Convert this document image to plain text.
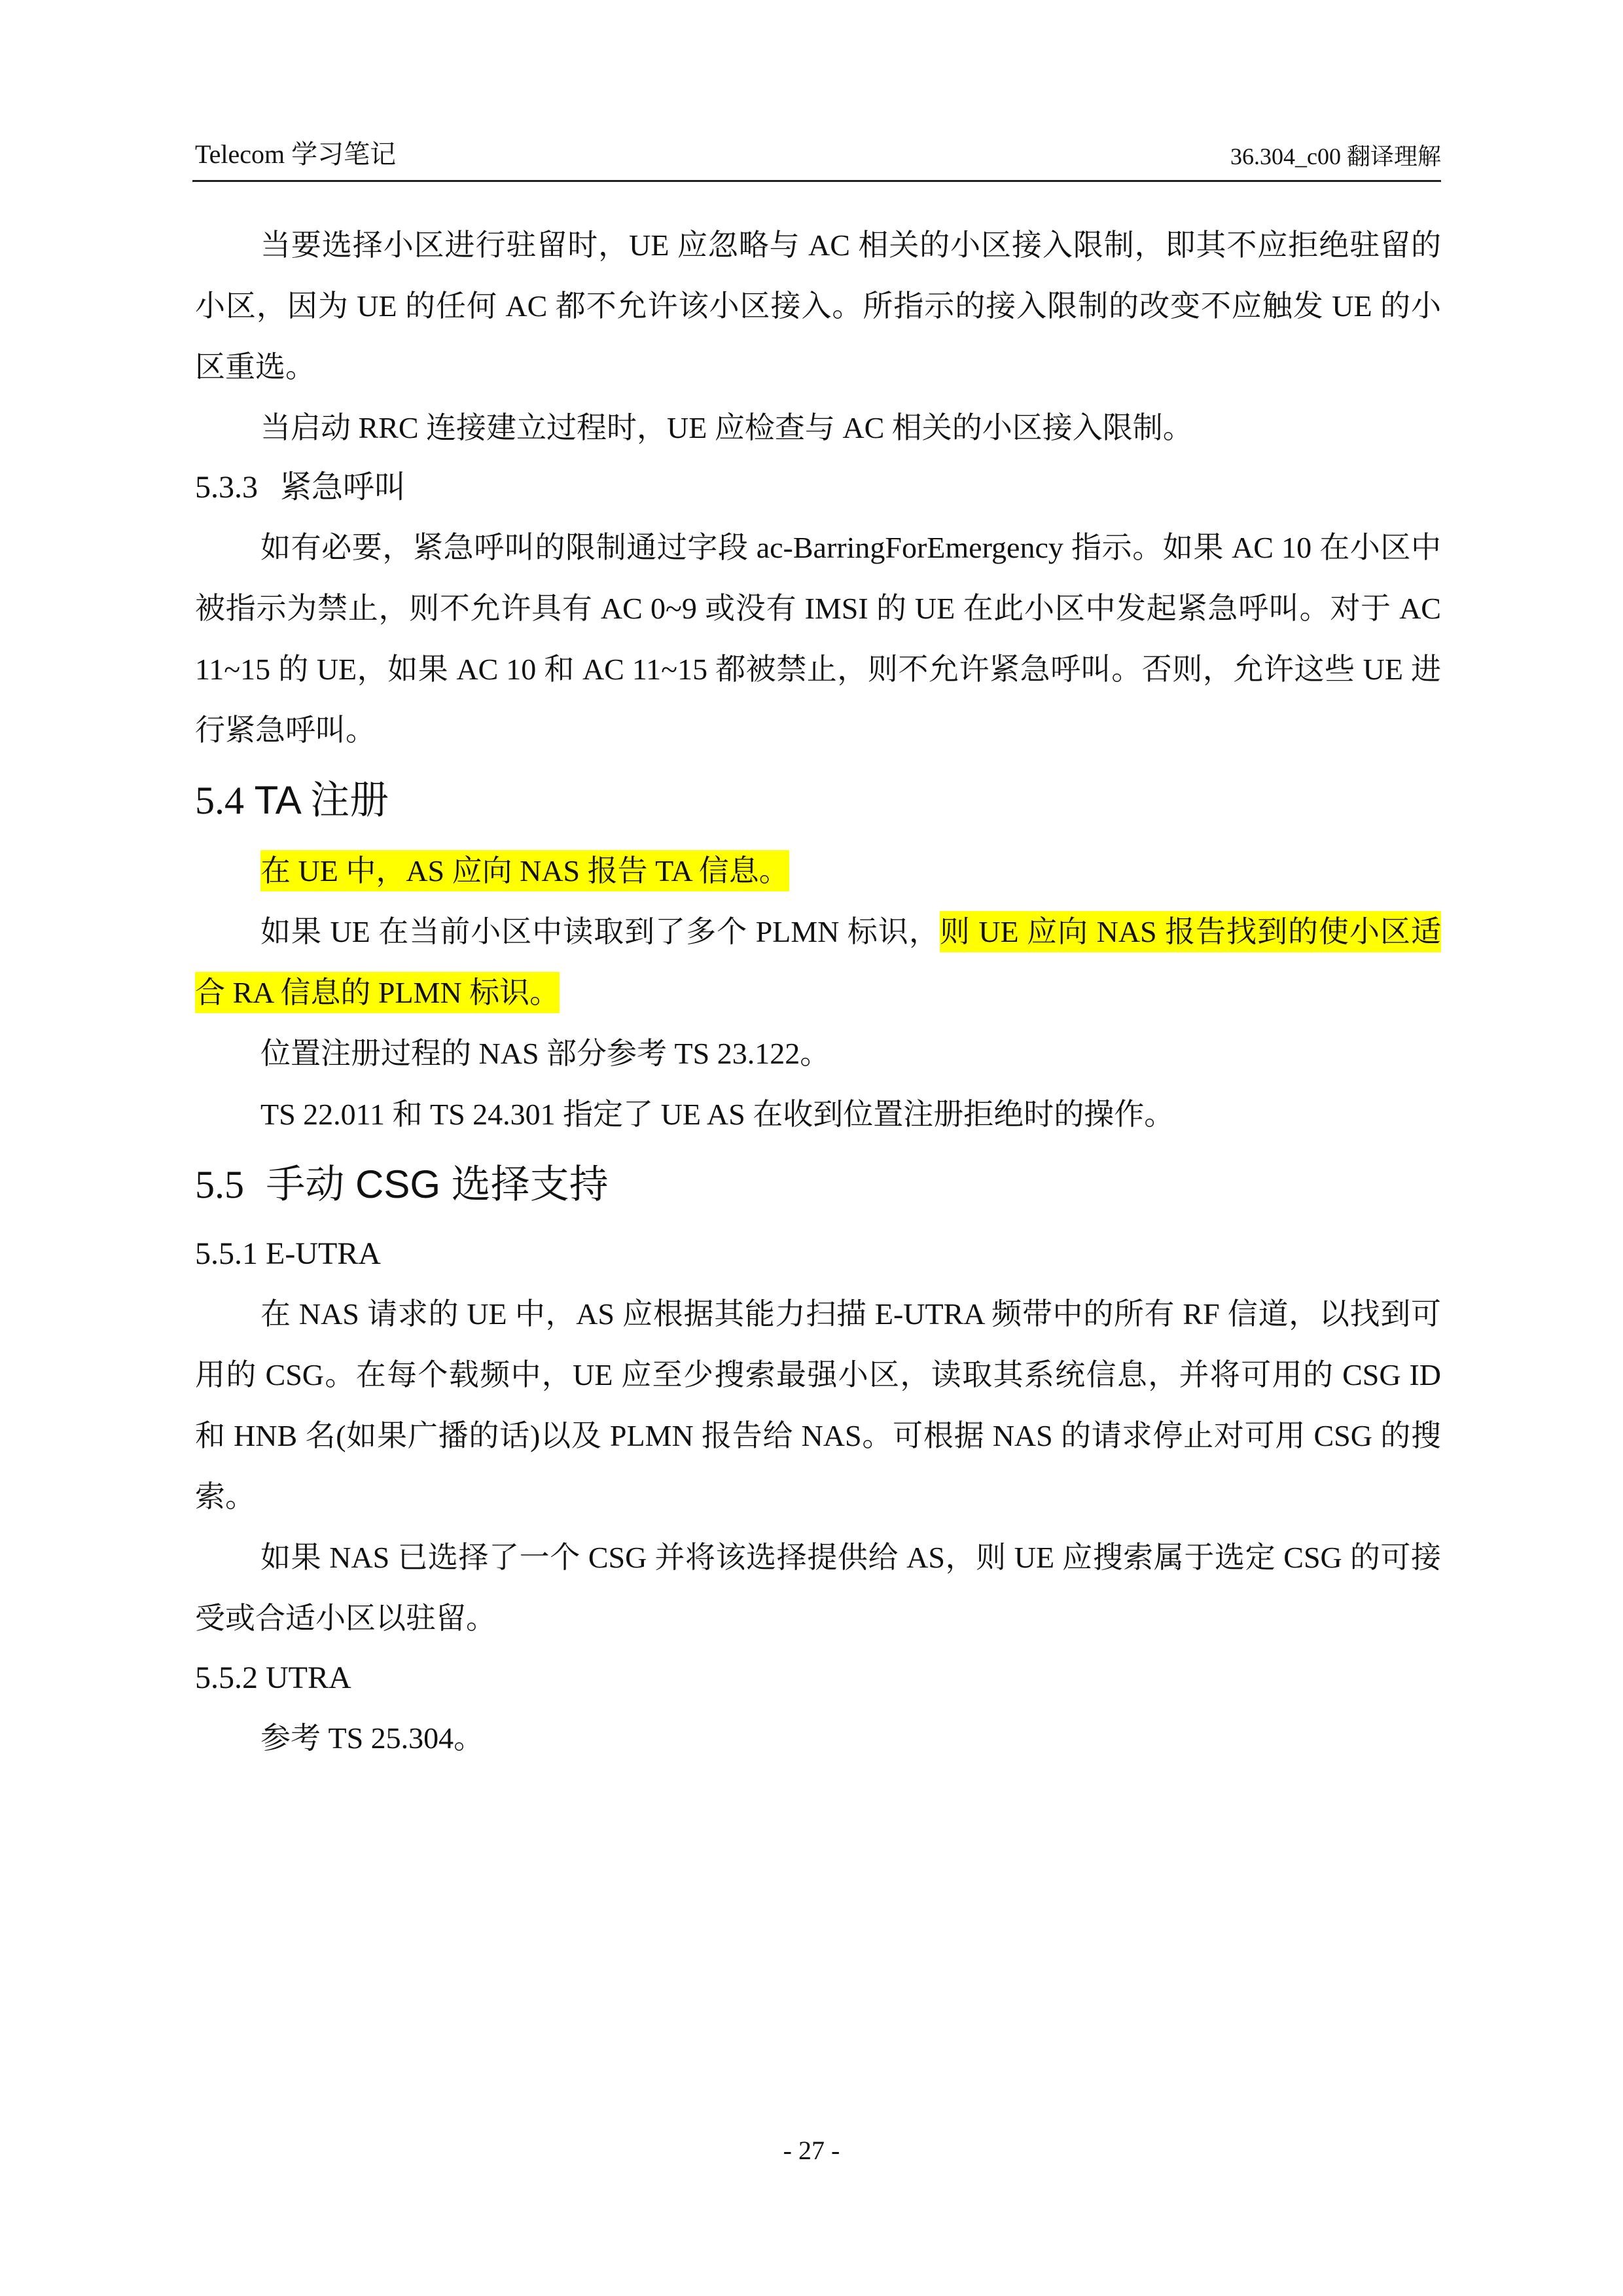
Telecom 学习笔记	36.304_c00 翻译理解

当要选择小区进行驻留时，UE 应忽略与 AC 相关的小区接入限制，即其不应拒绝驻留的小区，因为 UE 的任何 AC 都不允许该小区接入。所指示的接入限制的改变不应触发 UE 的小区重选。

当启动 RRC 连接建立过程时，UE 应检查与 AC 相关的小区接入限制。

5.3.3 紧急呼叫

如有必要，紧急呼叫的限制通过字段 ac-BarringForEmergency 指示。如果 AC 10 在小区中被指示为禁止，则不允许具有 AC 0~9 或没有 IMSI 的 UE 在此小区中发起紧急呼叫。对于 AC 11~15 的 UE，如果 AC 10 和 AC 11~15 都被禁止，则不允许紧急呼叫。否则，允许这些 UE 进行紧急呼叫。

5.4 TA 注册

在 UE 中，AS 应向 NAS 报告 TA 信息。

如果 UE 在当前小区中读取到了多个 PLMN 标识，则 UE 应向 NAS 报告找到的使小区适合 RA 信息的 PLMN 标识。

位置注册过程的 NAS 部分参考 TS 23.122。

TS 22.011 和 TS 24.301 指定了 UE AS 在收到位置注册拒绝时的操作。

5.5 手动 CSG 选择支持
5.5.1 E-UTRA

在 NAS 请求的 UE 中，AS 应根据其能力扫描 E-UTRA 频带中的所有 RF 信道，以找到可用的 CSG。在每个载频中，UE 应至少搜索最强小区，读取其系统信息，并将可用的 CSG ID 和 HNB 名(如果广播的话)以及 PLMN 报告给 NAS。可根据 NAS 的请求停止对可用 CSG 的搜索。

如果 NAS 已选择了一个 CSG 并将该选择提供给 AS，则 UE 应搜索属于选定 CSG 的可接受或合适小区以驻留。

5.5.2 UTRA

参考 TS 25.304。

- 27 -
